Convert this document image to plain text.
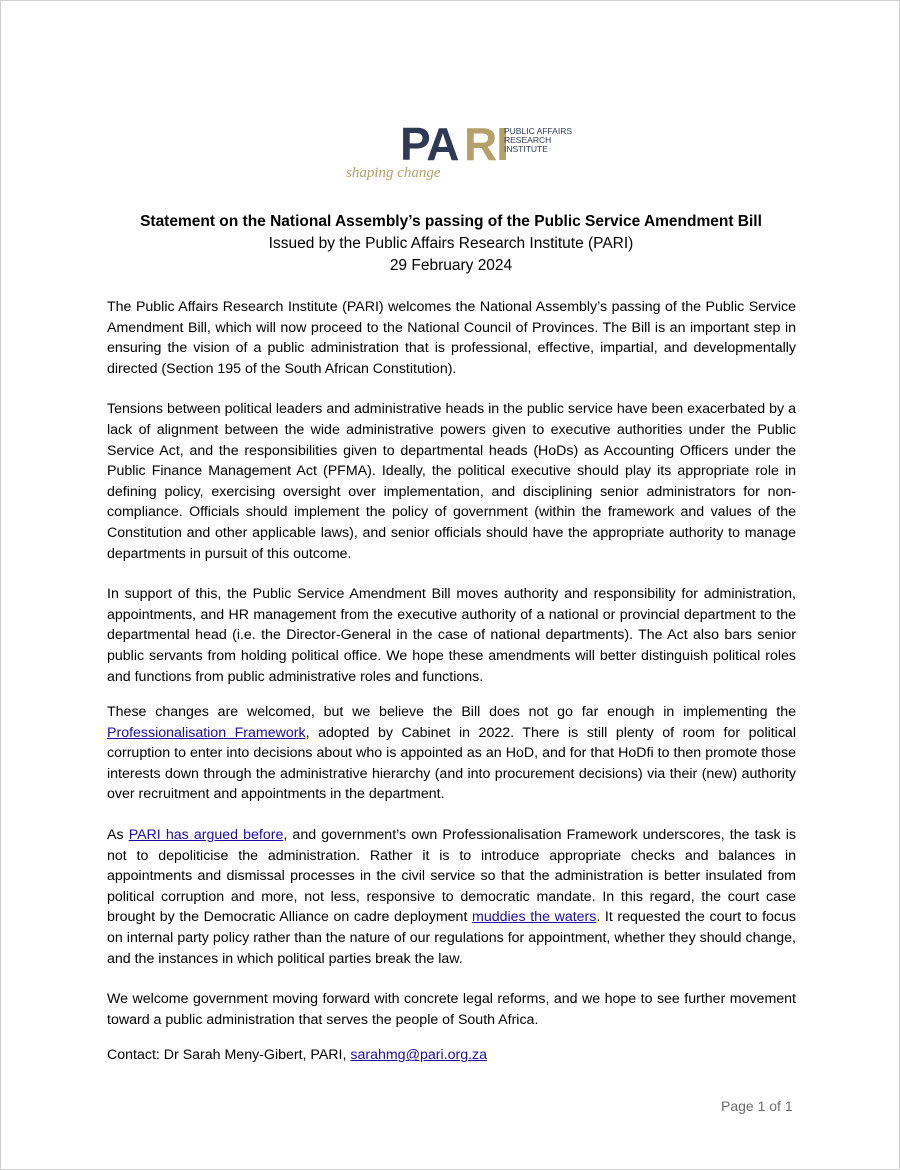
PA RI
PUBLIC AFFAIRS
RESEARCH INSTITUTE
shaping change
Statement on the National Assembly’s passing of the Public Service Amendment Bill
Issued by the Public Affairs Research Institute (PARI)
29 February 2024

The Public Affairs Research Institute (PARI) welcomes the National Assembly’s passing of the Public Service Amendment Bill, which will now proceed to the National Council of Provinces. The Bill is an important step in ensuring the vision of a public administration that is professional, effective, impartial, and developmentally directed (Section 195 of the South African Constitution).

Tensions between political leaders and administrative heads in the public service have been exacerbated by a lack of alignment between the wide administrative powers given to executive authorities under the Public Service Act, and the responsibilities given to departmental heads (HoDs) as Accounting Officers under the Public Finance Management Act (PFMA). Ideally, the political executive should play its appropriate role in defining policy, exercising oversight over implementation, and disciplining senior administrators for non-compliance. Officials should implement the policy of government (within the framework and values of the Constitution and other applicable laws), and senior officials should have the appropriate authority to manage departments in pursuit of this outcome.

In support of this, the Public Service Amendment Bill moves authority and responsibility for administration, appointments, and HR management from the executive authority of a national or provincial department to the departmental head (i.e. the Director-General in the case of national departments). The Act also bars senior public servants from holding political office. We hope these amendments will better distinguish political roles and functions from public administrative roles and functions.

These changes are welcomed, but we believe the Bill does not go far enough in implementing the Professionalisation Framework, adopted by Cabinet in 2022. There is still plenty of room for political corruption to enter into decisions about who is appointed as an HoD, and for that HoDfi to then promote those interests down through the administrative hierarchy (and into procurement decisions) via their (new) authority over recruitment and appointments in the department.

As PARI has argued before, and government’s own Professionalisation Framework underscores, the task is not to depoliticise the administration. Rather it is to introduce appropriate checks and balances in appointments and dismissal processes in the civil service so that the administration is better insulated from political corruption and more, not less, responsive to democratic mandate. In this regard, the court case brought by the Democratic Alliance on cadre deployment muddies the waters. It requested the court to focus on internal party policy rather than the nature of our regulations for appointment, whether they should change, and the instances in which political parties break the law.

We welcome government moving forward with concrete legal reforms, and we hope to see further movement toward a public administration that serves the people of South Africa.

Contact: Dr Sarah Meny-Gibert, PARI, sarahmg@pari.org.za

Page 1 of 1
